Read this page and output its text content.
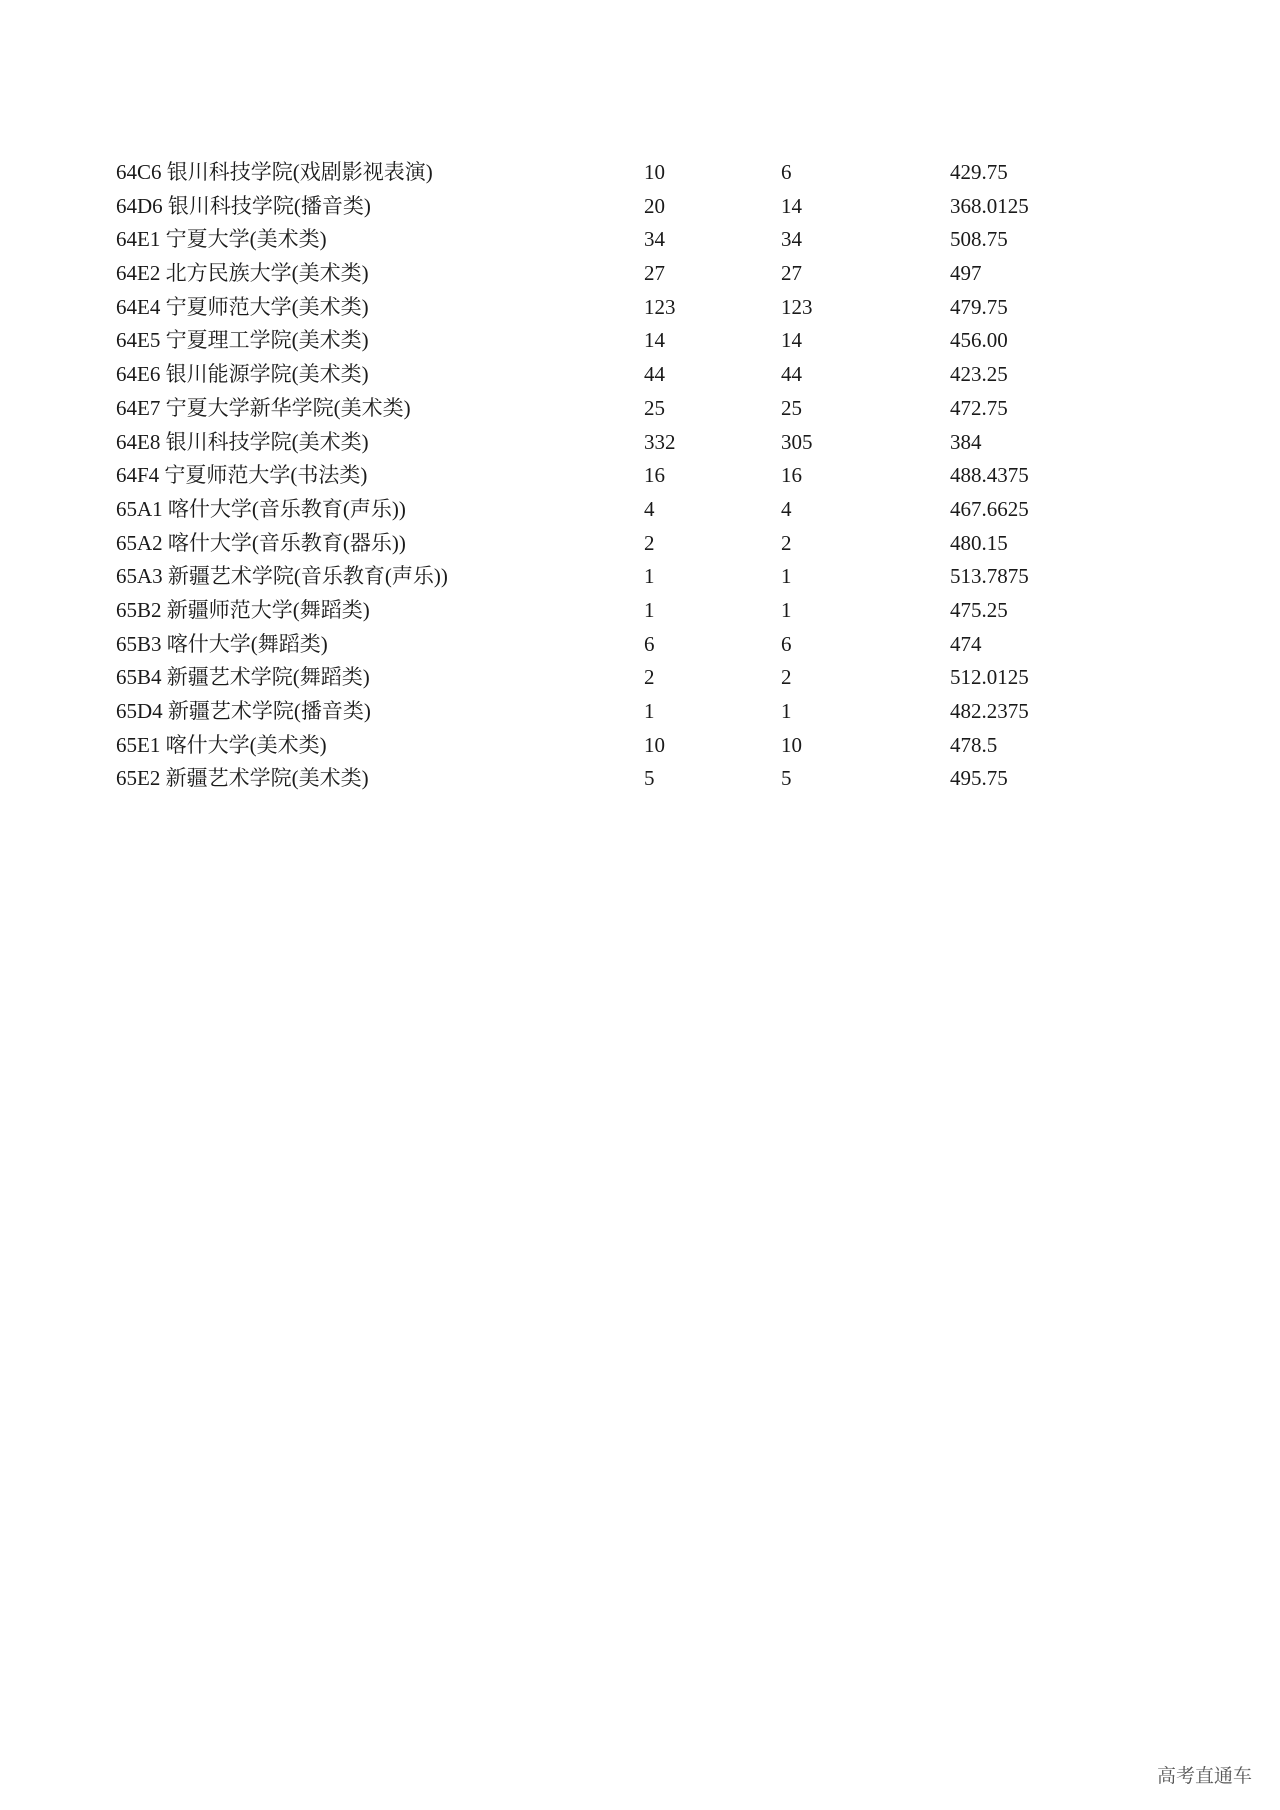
64C6 银川科技学院(戏剧影视表演)	10	6	429.75
64D6 银川科技学院(播音类)	20	14	368.0125
64E1 宁夏大学(美术类)	34	34	508.75
64E2 北方民族大学(美术类)	27	27	497
64E4 宁夏师范大学(美术类)	123	123	479.75
64E5 宁夏理工学院(美术类)	14	14	456.00
64E6 银川能源学院(美术类)	44	44	423.25
64E7 宁夏大学新华学院(美术类)	25	25	472.75
64E8 银川科技学院(美术类)	332	305	384
64F4 宁夏师范大学(书法类)	16	16	488.4375
65A1 喀什大学(音乐教育(声乐))	4	4	467.6625
65A2 喀什大学(音乐教育(器乐))	2	2	480.15
65A3 新疆艺术学院(音乐教育(声乐))	1	1	513.7875
65B2 新疆师范大学(舞蹈类)	1	1	475.25
65B3 喀什大学(舞蹈类)	6	6	474
65B4 新疆艺术学院(舞蹈类)	2	2	512.0125
65D4 新疆艺术学院(播音类)	1	1	482.2375
65E1 喀什大学(美术类)	10	10	478.5
65E2 新疆艺术学院(美术类)	5	5	495.75
高考直通车
